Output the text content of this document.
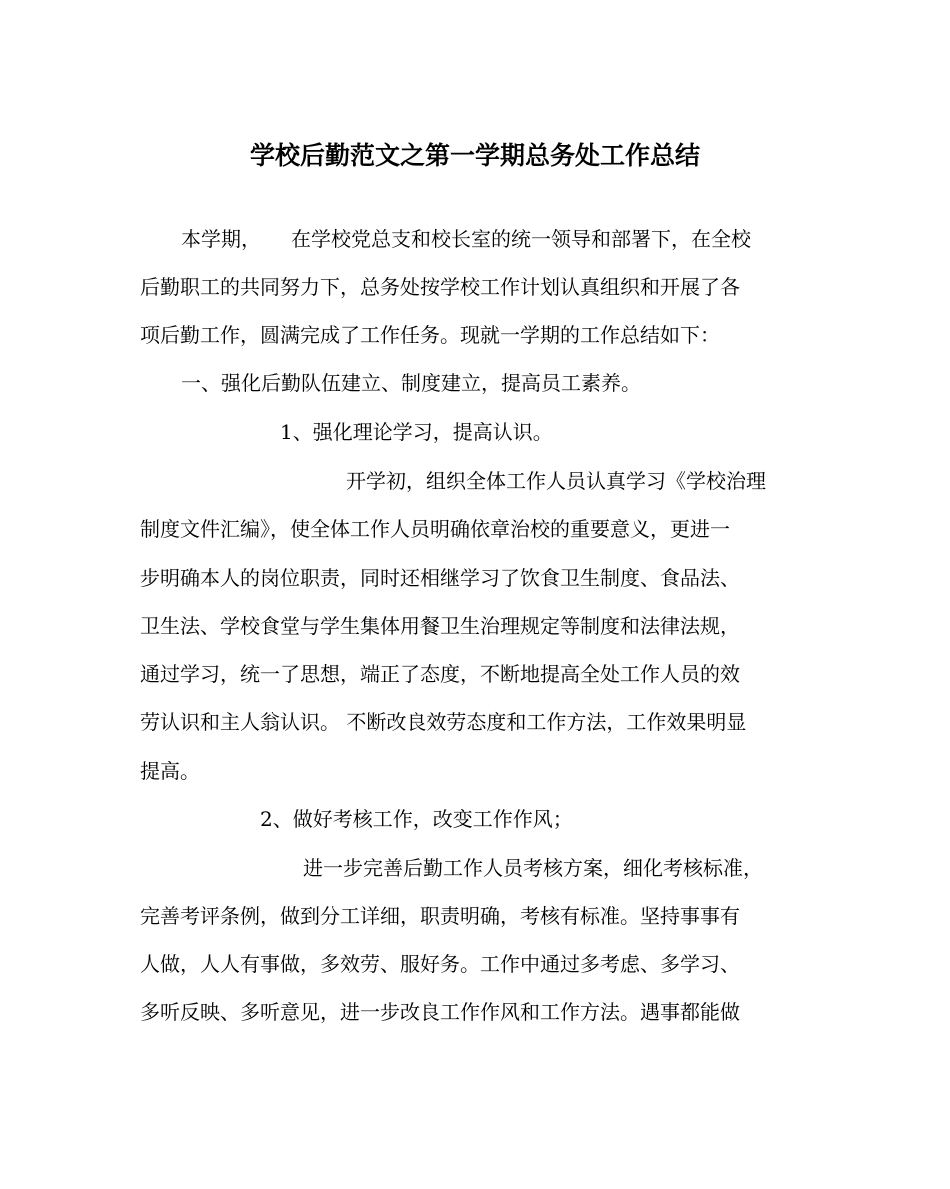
学校后勤范文之第一学期总务处工作总结
本学期，　　在学校党总支和校长室的统一领导和部署下，在全校
后勤职工的共同努力下，总务处按学校工作计划认真组织和开展了各
项后勤工作，圆满完成了工作任务。现就一学期的工作总结如下：
一、强化后勤队伍建立、制度建立，提高员工素养。
1、强化理论学习，提高认识。
开学初，组织全体工作人员认真学习《学校治理
制度文件汇编》，使全体工作人员明确依章治校的重要意义，更进一
步明确本人的岗位职责，同时还相继学习了饮食卫生制度、食品法、
卫生法、学校食堂与学生集体用餐卫生治理规定等制度和法律法规，
通过学习，统一了思想，端正了态度，不断地提高全处工作人员的效
劳认识和主人翁认识。 不断改良效劳态度和工作方法，工作效果明显
提高。
2、做好考核工作，改变工作作风；
进一步完善后勤工作人员考核方案，细化考核标准，
完善考评条例，做到分工详细，职责明确，考核有标准。坚持事事有
人做，人人有事做，多效劳、服好务。工作中通过多考虑、多学习、
多听反映、多听意见，进一步改良工作作风和工作方法。遇事都能做
